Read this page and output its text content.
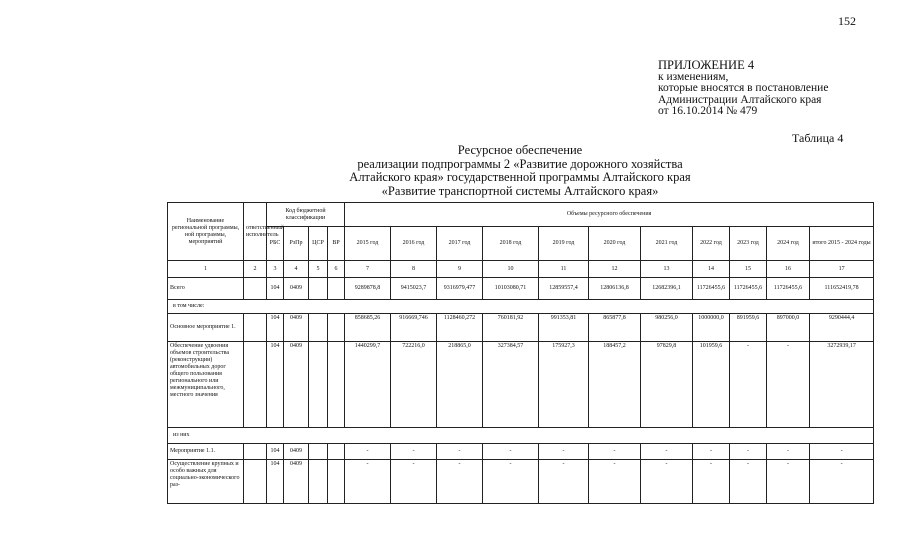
152
ПРИЛОЖЕНИЕ 4
к изменениям,
которые вносятся в постановление
Администрации Алтайского края
от 16.10.2014 № 479
Таблица 4
Ресурсное обеспечение
реализации подпрограммы 2 «Развитие дорожного хозяйства
Алтайского края» государственной программы Алтайского края
«Развитие транспортной системы Алтайского края»
Наименование региональной программы, ной программы, мероприятий	ответственный исполнитель	Код бюджетной классификации				Объемы ресурсного обеспечения										
		РБС	РзПр	ЦСР	ВР	2015 год	2016 год	2017 год	2018 год	2019 год	2020 год	2021 год	2022 год	2023 год	2024 год	итого 2015 - 2024 годы
1	2	3	4	5	6	7	8	9	10	11	12	13	14	15	16	17
Всего		104	0409			9289878,8	9415023,7	9316979,477	10103080,71	12859557,4	12806136,8	12682396,1	11726455,6	11726455,6	11726455,6	111652419,78
в том числе:																
Основное мероприятие 1.		104	0409			858685,26	916669,746	1128460,272	760181,92	991353,81	865877,8	980256,0	1000000,0	891959,6	897000,0	9290444,4
Обеспечение удвоения объемов строительства (реконструкции) автомобильных дорог общего пользования регионального или межмуниципального, местного значения		104	0409			1440299,7	722216,0	218865,0	327384,57	175927,3	188457,2	97829,8	101959,6	-	-	3272939,17
из них																
Мероприятие 1.1.		104	0409			-	-	-	-	-	-	-	-	-	-	-
Осуществление крупных и особо важных для социально-экономического раз-		104	0409			-	-	-	-	-	-	-	-	-	-	-
